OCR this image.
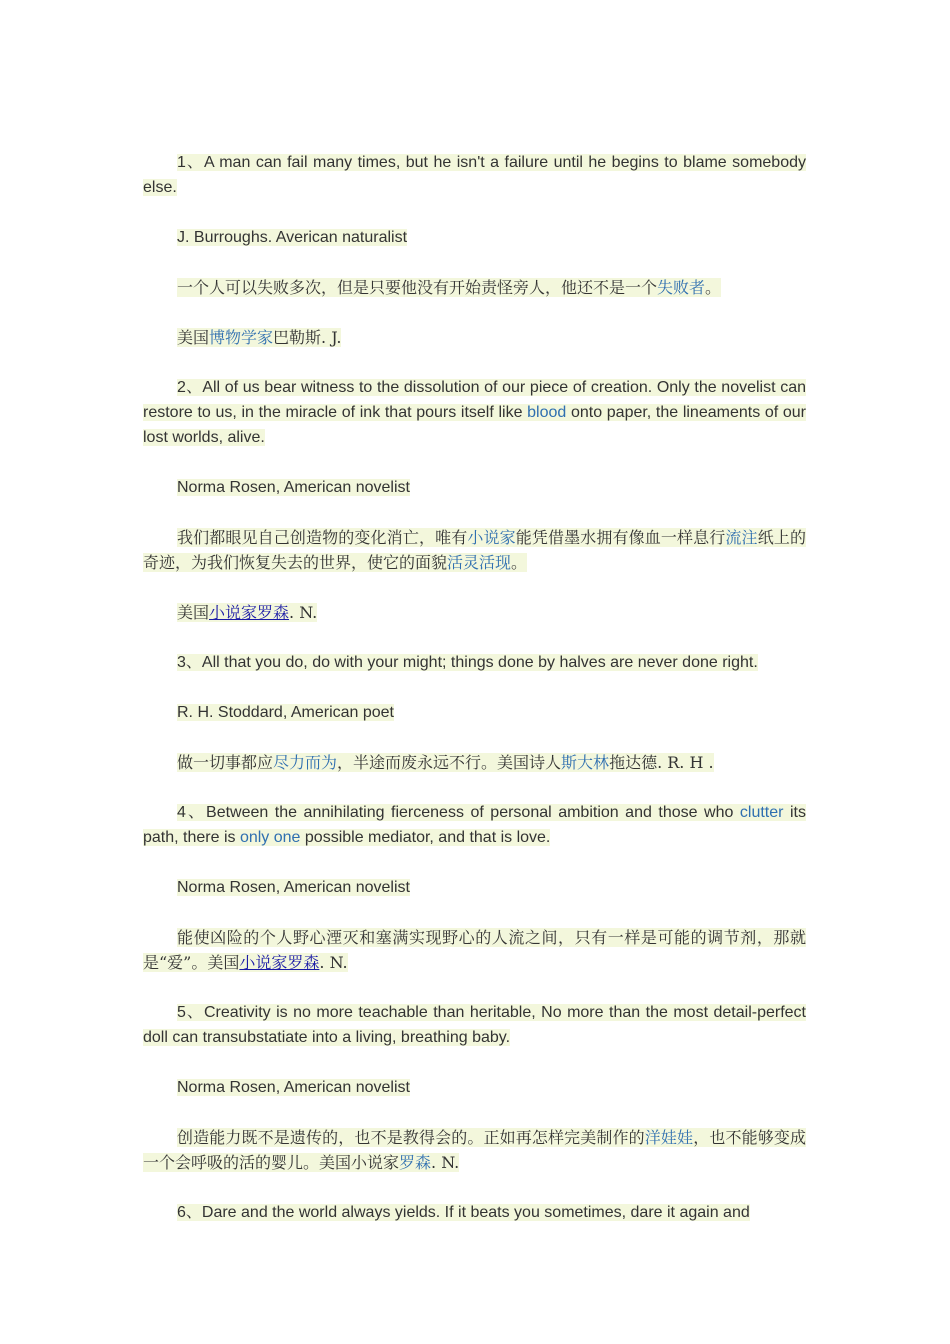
1、A man can fail many times, but he isn't a failure until he begins to blame somebody else.

J. Burroughs. Averican naturalist

一个人可以失败多次，但是只要他没有开始责怪旁人，他还不是一个失败者。

美国博物学家巴勒斯. J.

2、All of us bear witness to the dissolution of our piece of creation. Only the novelist can restore to us, in the miracle of ink that pours itself like blood onto paper, the lineaments of our lost worlds, alive.

Norma Rosen, American novelist

我们都眼见自己创造物的变化消亡，唯有小说家能凭借墨水拥有像血一样息行流注纸上的奇迹，为我们恢复失去的世界，使它的面貌活灵活现。

美国小说家罗森. N.

3、All that you do, do with your might; things done by halves are never done right.

R. H. Stoddard, American poet

做一切事都应尽力而为，半途而废永远不行。美国诗人斯大林拖达德. R. H .

4、Between the annihilating fierceness of personal ambition and those who clutter its path, there is only one possible mediator, and that is love.

Norma Rosen, American novelist

能使凶险的个人野心湮灭和塞满实现野心的人流之间，只有一样是可能的调节剂，那就是“爱”。美国小说家罗森. N.

5、Creativity is no more teachable than heritable, No more than the most detail-perfect doll can transubstatiate into a living, breathing baby.

Norma Rosen, American novelist

创造能力既不是遗传的，也不是教得会的。正如再怎样完美制作的洋娃娃，也不能够变成一个会呼吸的活的婴儿。美国小说家罗森. N.

6、Dare and the world always yields. If it beats you sometimes, dare it again and
